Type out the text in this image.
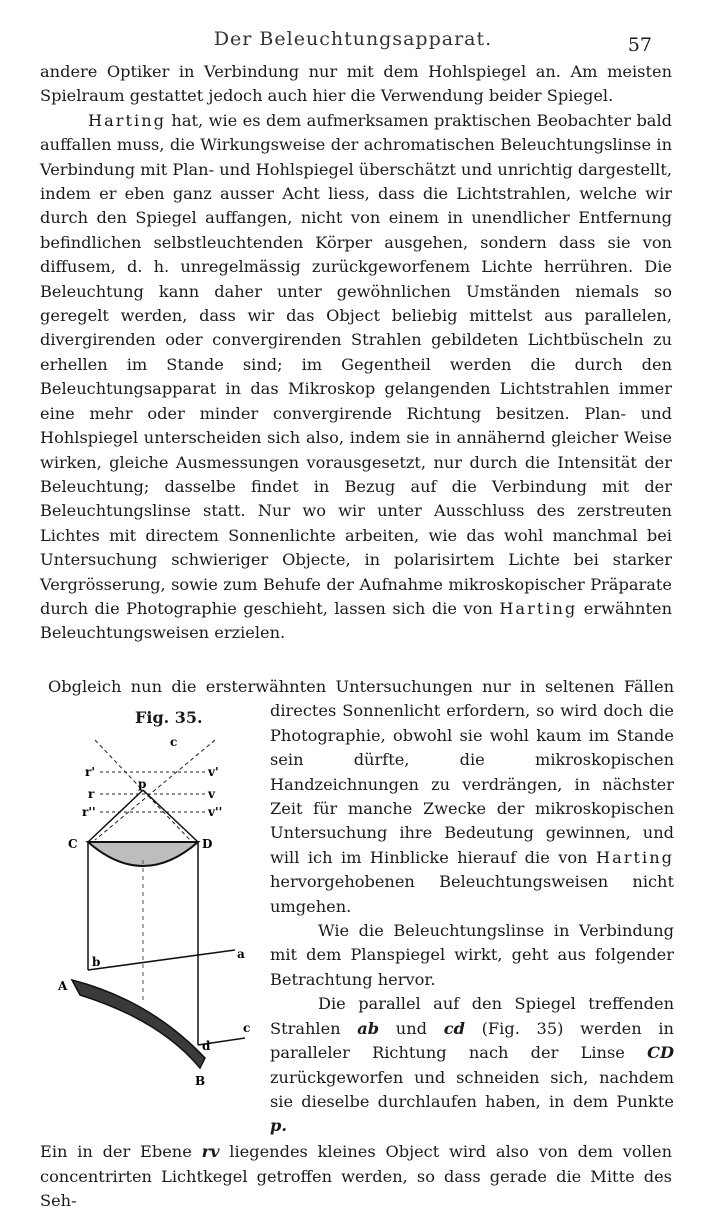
Der Beleuchtungsapparat.	57

andere Optiker in Verbindung nur mit dem Hohlspiegel an. Am meisten Spielraum gestattet jedoch auch hier die Verwendung beider Spiegel.

Harting hat, wie es dem aufmerksamen praktischen Beobachter bald auffallen muss, die Wirkungsweise der achromatischen Beleuchtungslinse in Verbindung mit Plan- und Hohlspiegel überschätzt und unrichtig dargestellt, indem er eben ganz ausser Acht liess, dass die Lichtstrahlen, welche wir durch den Spiegel auffangen, nicht von einem in unendlicher Entfernung befindlichen selbstleuchtenden Körper ausgehen, sondern dass sie von diffusem, d. h. unregelmässig zurückgeworfenem Lichte herrühren. Die Beleuchtung kann daher unter gewöhnlichen Umständen niemals so geregelt werden, dass wir das Object beliebig mittelst aus parallelen, divergirenden oder convergirenden Strahlen gebildeten Lichtbüscheln zu erhellen im Stande sind; im Gegentheil werden die durch den Beleuchtungsapparat in das Mikroskop gelangenden Lichtstrahlen immer eine mehr oder minder convergirende Richtung besitzen. Plan- und Hohlspiegel unterscheiden sich also, indem sie in annähernd gleicher Weise wirken, gleiche Ausmessungen vorausgesetzt, nur durch die Intensität der Beleuchtung; dasselbe findet in Bezug auf die Verbindung mit der Beleuchtungslinse statt. Nur wo wir unter Ausschluss des zerstreuten Lichtes mit directem Sonnenlichte arbeiten, wie das wohl manchmal bei Untersuchung schwieriger Objecte, in polarisirtem Lichte bei starker Vergrösserung, sowie zum Behufe der Aufnahme mikroskopischer Präparate durch die Photographie geschieht, lassen sich die von Harting erwähnten Beleuchtungsweisen erzielen.

Fig. 35.
c
p
r'
r
r''
v'
v
v''
C	D
a
b
A
c
d
B

Obgleich nun die ersterwähnten Untersuchungen nur in seltenen Fällen directes Sonnenlicht erfordern, so wird doch die Photographie, obwohl sie wohl kaum im Stande sein dürfte, die mikroskopischen Handzeichnungen zu verdrängen, in nächster Zeit für manche Zwecke der mikroskopischen Untersuchung ihre Bedeutung gewinnen, und will ich im Hinblicke hierauf die von Harting hervorgehobenen Beleuchtungsweisen nicht umgehen.

Wie die Beleuchtungslinse in Verbindung mit dem Planspiegel wirkt, geht aus folgender Betrachtung hervor.

Die parallel auf den Spiegel treffenden Strahlen ab und cd (Fig. 35) werden in paralleler Richtung nach der Linse CD zurückgeworfen und schneiden sich, nachdem sie dieselbe durchlaufen haben, in dem Punkte p.

Ein in der Ebene rv liegendes kleines Object wird also von dem vollen concentrirten Lichtkegel getroffen werden, so dass gerade die Mitte des Seh-
